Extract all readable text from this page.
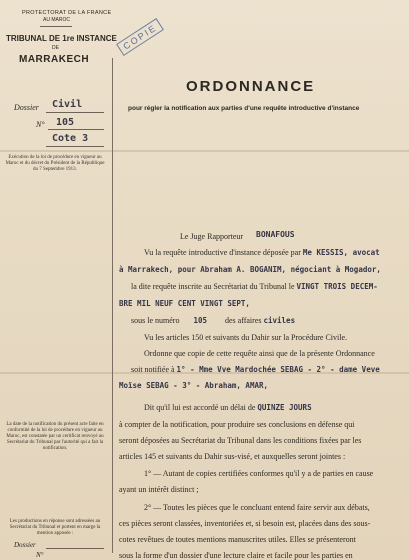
PROTECTORAT DE LA FRANCE
AU MAROC
TRIBUNAL DE 1re INSTANCE
DE
MARRAKECH
Dossier Civil
N° 105
Cote 3
Exécution de la loi de procédure en vigueur au Maroc et du décret du Président de la République du 7 Septembre 1913.
La date de la notification du présent acte faite en conformité de la loi de procédure en vigueur au Maroc, est constatée par un certificat renvoyé au Secrétariat du Tribunal par l'autorité qui a fait la notification.
Les productions en réponse sont adressées au Secrétariat du Tribunal et portent en marge la mention apposée :
Dossier
N°
COPIE
ORDONNANCE
pour régler la notification aux parties d'une requête introductive d'instance
Le Juge Rapporteur BONAFOUS
Vu la requête introductive d'instance déposée par Me KESSIS, avocat
à Marrakech, pour Abraham A. BOGANIM, négociant à Mogador,
la dite requête inscrite au Secrétariat du Tribunal le VINGT TROIS DECEM-
BRE MIL NEUF CENT VINGT SEPT,
sous le numéro 105 des affaires civiles
Vu les articles 150 et suivants du Dahir sur la Procédure Civile.
Ordonne que copie de cette requête ainsi que de la présente Ordonnance
soit notifiée à 1° - Mme Vve Mardochée SEBAG - 2° - dame Veve
Moïse SEBAG - 3° - Abraham, AMAR,
Dit qu'il lui est accordé un délai de QUINZE JOURS
à compter de la notification, pour produire ses conclusions en défense qui
seront déposées au Secrétariat du Tribunal dans les conditions fixées par les
articles 145 et suivants du Dahir sus-visé, et auxquelles seront jointes :
1° — Autant de copies certifiées conformes qu'il y a de parties en cause
ayant un intérêt distinct ;
2° — Toutes les pièces que le concluant entend faire servir aux débats,
ces pièces seront classées, inventoriées et, si besoin est, placées dans des sous-
cotes revêtues de toutes mentions manuscrites utiles. Elles se présenteront
sous la forme d'un dossier d'une lecture claire et facile pour les parties en
